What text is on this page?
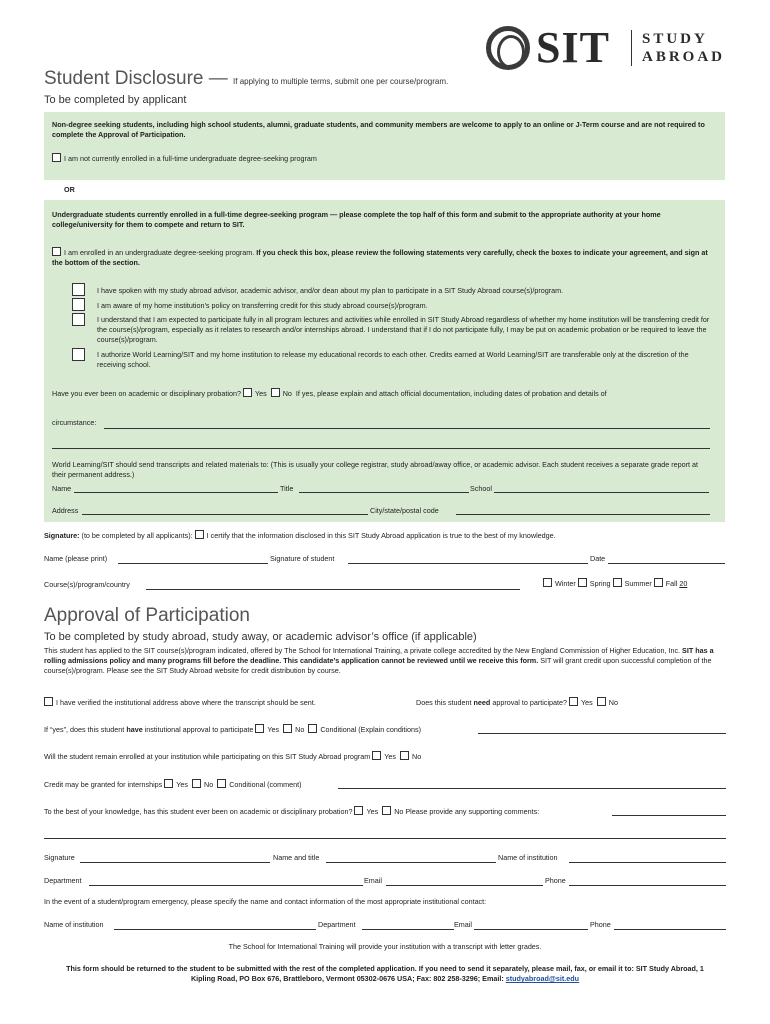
SIT STUDY
ABROAD
Student Disclosure — If applying to multiple terms, submit one per course/program.
To be completed by applicant
Non-degree seeking students, including high school students, alumni, graduate students, and community members are welcome to apply to an online or J-Term course and are not required to complete the Approval of Participation.
I am not currently enrolled in a full-time undergraduate degree-seeking program
OR
Undergraduate students currently enrolled in a full-time degree-seeking program — please complete the top half of this form and submit to the appropriate authority at your home college/university for them to compete and return to SIT.
I am enrolled in an undergraduate degree-seeking program. If you check this box, please review the following statements very carefully, check the boxes to indicate your agreement, and sign at the bottom of the section.
I have spoken with my study abroad advisor, academic advisor, and/or dean about my plan to participate in a SIT Study Abroad course(s)/program.
I am aware of my home institution’s policy on transferring credit for this study abroad course(s)/program.
I understand that I am expected to participate fully in all program lectures and activities while enrolled in SIT Study Abroad regardless of whether my home institution will be transferring credit for the course(s)/program, especially as it relates to research and/or internships abroad. I understand that if I do not participate fully, I may be put on academic probation or be required to leave the course(s)/program.
I authorize World Learning/SIT and my home institution to release my educational records to each other. Credits earned at World Learning/SIT are transferable only at the discretion of the receiving school.
Have you ever been on academic or disciplinary probation? Yes No If yes, please explain and attach official documentation, including dates of probation and details of
circumstance:
World Learning/SIT should send transcripts and related materials to: (This is usually your college registrar, study abroad/away office, or academic advisor. Each student receives a separate grade report at their permanent address.)
Name	Title	School
Address	City/state/postal code
Signature: (to be completed by all applicants): I certify that the information disclosed in this SIT Study Abroad application is true to the best of my knowledge.
Name (please print)	Signature of student	Date
Course(s)/program/country	Winter Spring Summer Fall 20
Approval of Participation
To be completed by study abroad, study away, or academic advisor’s office (if applicable)
This student has applied to the SIT course(s)/program indicated, offered by The School for International Training, a private college accredited by the New England Commission of Higher Education, Inc. SIT has a rolling admissions policy and many programs fill before the deadline. This candidate’s application cannot be reviewed until we receive this form. SIT will grant credit upon successful completion of the course(s)/program. Please see the SIT Study Abroad website for credit distribution by course.
I have verified the institutional address above where the transcript should be sent.	Does this student need approval to participate? Yes No
If “yes”, does this student have institutional approval to participate Yes No Conditional (Explain conditions)
Will the student remain enrolled at your institution while participating on this SIT Study Abroad program Yes No
Credit may be granted for internships Yes No Conditional (comment)
To the best of your knowledge, has this student ever been on academic or disciplinary probation? Yes No Please provide any supporting comments:
Signature	Name and title	Name of institution
Department	Email	Phone
In the event of a student/program emergency, please specify the name and contact information of the most appropriate institutional contact:
Name of institution	Department	Email	Phone
The School for International Training will provide your institution with a transcript with letter grades.
This form should be returned to the student to be submitted with the rest of the completed application. If you need to send it separately, please mail, fax, or email it to: SIT Study Abroad, 1 Kipling Road, PO Box 676, Brattleboro, Vermont 05302-0676 USA; Fax: 802 258-3296; Email: studyabroad@sit.edu
